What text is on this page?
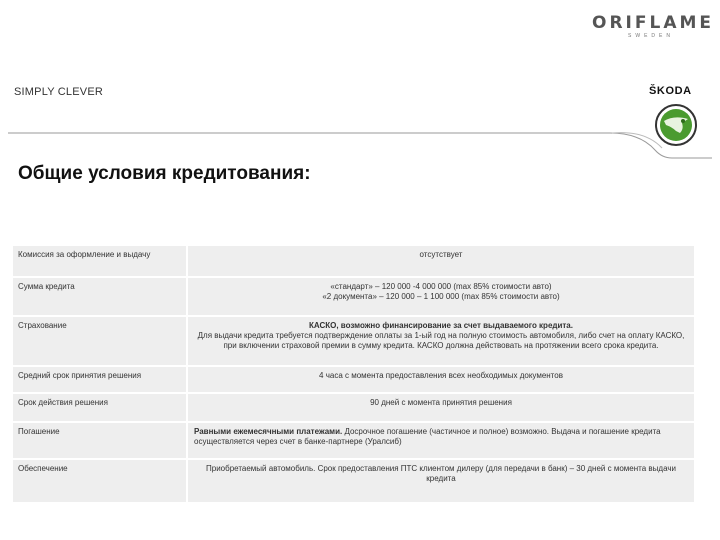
ORIFLAME
SWEDEN
SIMPLY CLEVER	ŠKODA
Общие условия кредитования:
Комиссия за оформление и выдачу	отсутствует
Сумма кредита	«стандарт» – 120 000 -4 000 000 (max 85% стоимости авто)
«2 документа» – 120 000 – 1 100 000 (max 85% стоимости авто)

Страхование	КАСКО, возможно финансирование за счет выдаваемого кредита.
Для выдачи кредита требуется подтверждение оплаты за 1-ый год на полную стоимость автомобиля, либо счет на оплату КАСКО, при включении страховой премии в сумму кредита. КАСКО должна действовать на протяжении всего срока кредита.

Средний срок принятия решения	4 часа с момента предоставления всех необходимых документов
Срок действия решения	90 дней с момента принятия решения
Погашение	Равными ежемесячными платежами. Досрочное погашение (частичное и полное) возможно. Выдача и погашение кредита осуществляется через счет в банке-партнере (Уралсиб)
Обеспечение	Приобретаемый автомобиль. Срок предоставления ПТС клиентом дилеру (для передачи в банк) – 30 дней с момента выдачи кредита
